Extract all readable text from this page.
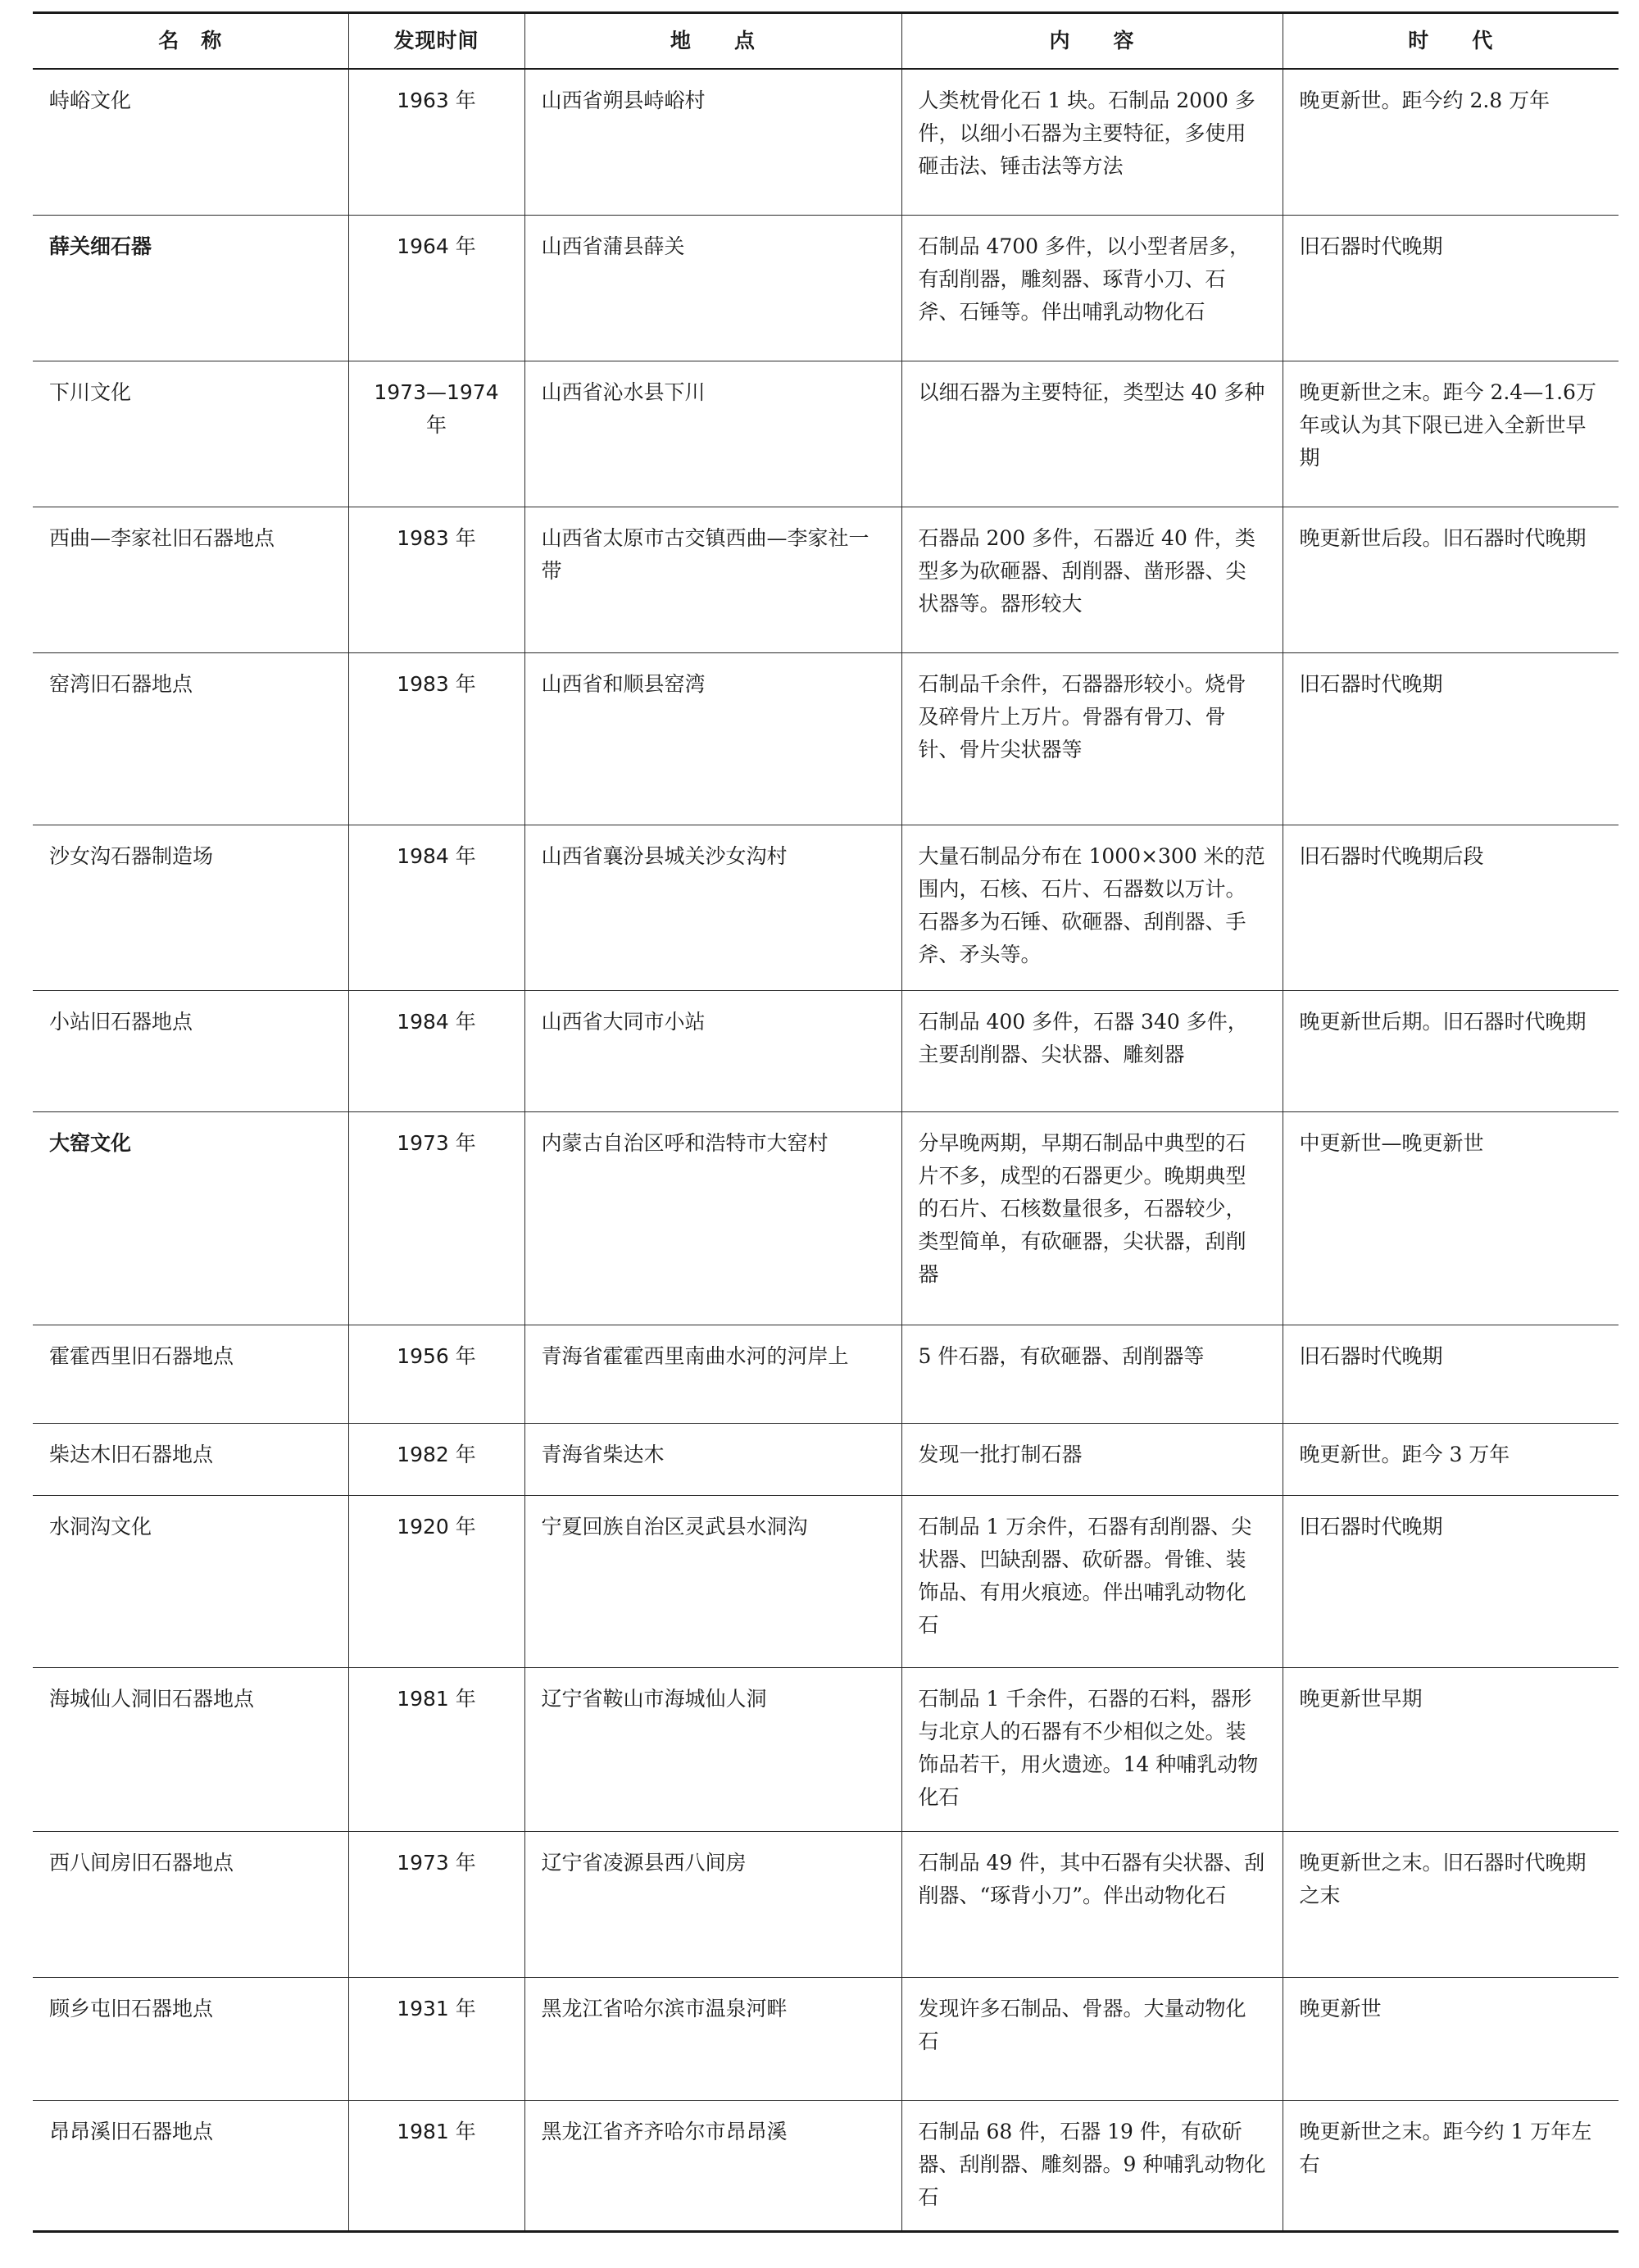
名　称	发现时间	地　　点	内　　容	时　　代
峙峪文化	1963 年	山西省朔县峙峪村	人类枕骨化石 1 块。石制品 2000 多件，以细小石器为主要特征，多使用砸击法、锤击法等方法	晚更新世。距今约 2.8 万年
薛关细石器	1964 年	山西省蒲县薛关	石制品 4700 多件，以小型者居多，有刮削器，雕刻器、琢背小刀、石斧、石锤等。伴出哺乳动物化石	旧石器时代晚期
下川文化	1973—1974 年	山西省沁水县下川	以细石器为主要特征，类型达 40 多种	晚更新世之末。距今 2.4—1.6万年或认为其下限已进入全新世早期
西曲—李家社旧石器地点	1983 年	山西省太原市古交镇西曲—李家社一带	石器品 200 多件，石器近 40 件，类型多为砍砸器、刮削器、凿形器、尖状器等。器形较大	晚更新世后段。旧石器时代晚期
窑湾旧石器地点	1983 年	山西省和顺县窑湾	石制品千余件，石器器形较小。烧骨及碎骨片上万片。骨器有骨刀、骨针、骨片尖状器等	旧石器时代晚期
沙女沟石器制造场	1984 年	山西省襄汾县城关沙女沟村	大量石制品分布在 1000×300 米的范围内，石核、石片、石器数以万计。石器多为石锤、砍砸器、刮削器、手斧、矛头等。	旧石器时代晚期后段
小站旧石器地点	1984 年	山西省大同市小站	石制品 400 多件，石器 340 多件，主要刮削器、尖状器、雕刻器	晚更新世后期。旧石器时代晚期
大窑文化	1973 年	内蒙古自治区呼和浩特市大窑村	分早晚两期，早期石制品中典型的石片不多，成型的石器更少。晚期典型的石片、石核数量很多，石器较少，类型简单，有砍砸器，尖状器，刮削器	中更新世—晚更新世
霍霍西里旧石器地点	1956 年	青海省霍霍西里南曲水河的河岸上	5 件石器，有砍砸器、刮削器等	旧石器时代晚期
柴达木旧石器地点	1982 年	青海省柴达木	发现一批打制石器	晚更新世。距今 3 万年
水洞沟文化	1920 年	宁夏回族自治区灵武县水洞沟	石制品 1 万余件，石器有刮削器、尖状器、凹缺刮器、砍斫器。骨锥、装饰品、有用火痕迹。伴出哺乳动物化石	旧石器时代晚期
海城仙人洞旧石器地点	1981 年	辽宁省鞍山市海城仙人洞	石制品 1 千余件，石器的石料，器形与北京人的石器有不少相似之处。装饰品若干，用火遗迹。14 种哺乳动物化石	晚更新世早期
西八间房旧石器地点	1973 年	辽宁省凌源县西八间房	石制品 49 件，其中石器有尖状器、刮削器、“琢背小刀”。伴出动物化石	晚更新世之末。旧石器时代晚期之末
顾乡屯旧石器地点	1931 年	黑龙江省哈尔滨市温泉河畔	发现许多石制品、骨器。大量动物化石	晚更新世
昂昂溪旧石器地点	1981 年	黑龙江省齐齐哈尔市昂昂溪	石制品 68 件，石器 19 件，有砍斫器、刮削器、雕刻器。9 种哺乳动物化石	晚更新世之末。距今约 1 万年左右
